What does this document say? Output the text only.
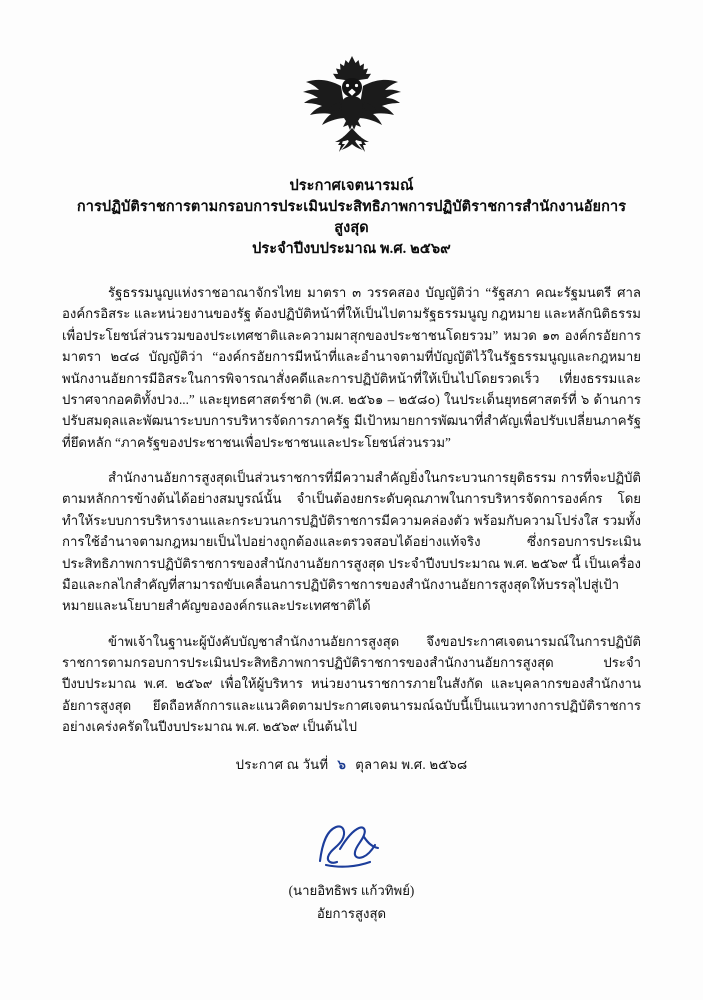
ประกาศเจตนารมณ์
การปฏิบัติราชการตามกรอบการประเมินประสิทธิภาพการปฏิบัติราชการสำนักงานอัยการสูงสุด
ประจำปีงบประมาณ พ.ศ. ๒๕๖๙

รัฐธรรมนูญแห่งราชอาณาจักรไทย มาตรา ๓ วรรคสอง บัญญัติว่า “รัฐสภา คณะรัฐมนตรี ศาล องค์กรอิสระ และหน่วยงานของรัฐ ต้องปฏิบัติหน้าที่ให้เป็นไปตามรัฐธรรมนูญ กฎหมาย และหลักนิติธรรม เพื่อประโยชน์ส่วนรวมของประเทศชาติและความผาสุกของประชาชนโดยรวม” หมวด ๑๓ องค์กรอัยการ มาตรา ๒๔๘ บัญญัติว่า “องค์กรอัยการมีหน้าที่และอำนาจตามที่บัญญัติไว้ในรัฐธรรมนูญและกฎหมาย พนักงานอัยการมีอิสระในการพิจารณาสั่งคดีและการปฏิบัติหน้าที่ให้เป็นไปโดยรวดเร็ว เที่ยงธรรมและปราศจากอคติทั้งปวง...” และยุทธศาสตร์ชาติ (พ.ศ. ๒๕๖๑ – ๒๕๘๐) ในประเด็นยุทธศาสตร์ที่ ๖ ด้านการปรับสมดุลและพัฒนาระบบการบริหารจัดการภาครัฐ มีเป้าหมายการพัฒนาที่สำคัญเพื่อปรับเปลี่ยนภาครัฐที่ยึดหลัก “ภาครัฐของประชาชนเพื่อประชาชนและประโยชน์ส่วนรวม”

สำนักงานอัยการสูงสุดเป็นส่วนราชการที่มีความสำคัญยิ่งในกระบวนการยุติธรรม การที่จะปฏิบัติตามหลักการข้างต้นได้อย่างสมบูรณ์นั้น จำเป็นต้องยกระดับคุณภาพในการบริหารจัดการองค์กร โดยทำให้ระบบการบริหารงานและกระบวนการปฏิบัติราชการมีความคล่องตัว พร้อมกับความโปร่งใส รวมทั้งการใช้อำนาจตามกฎหมายเป็นไปอย่างถูกต้องและตรวจสอบได้อย่างแท้จริง ซึ่งกรอบการประเมินประสิทธิภาพการปฏิบัติราชการของสำนักงานอัยการสูงสุด ประจำปีงบประมาณ พ.ศ. ๒๕๖๙ นี้ เป็นเครื่องมือและกลไกสำคัญที่สามารถขับเคลื่อนการปฏิบัติราชการของสำนักงานอัยการสูงสุดให้บรรลุไปสู่เป้าหมายและนโยบายสำคัญขององค์กรและประเทศชาติได้

ข้าพเจ้าในฐานะผู้บังคับบัญชาสำนักงานอัยการสูงสุด จึงขอประกาศเจตนารมณ์ในการปฏิบัติราชการตามกรอบการประเมินประสิทธิภาพการปฏิบัติราชการของสำนักงานอัยการสูงสุด ประจำปีงบประมาณ พ.ศ. ๒๕๖๙ เพื่อให้ผู้บริหาร หน่วยงานราชการภายในสังกัด และบุคลากรของสำนักงานอัยการสูงสุด ยึดถือหลักการและแนวคิดตามประกาศเจตนารมณ์ฉบับนี้เป็นแนวทางการปฏิบัติราชการอย่างเคร่งครัดในปีงบประมาณ พ.ศ. ๒๕๖๙ เป็นต้นไป

ประกาศ ณ วันที่ ๖ ตุลาคม พ.ศ. ๒๕๖๘
(นายอิทธิพร แก้วทิพย์)
อัยการสูงสุด
